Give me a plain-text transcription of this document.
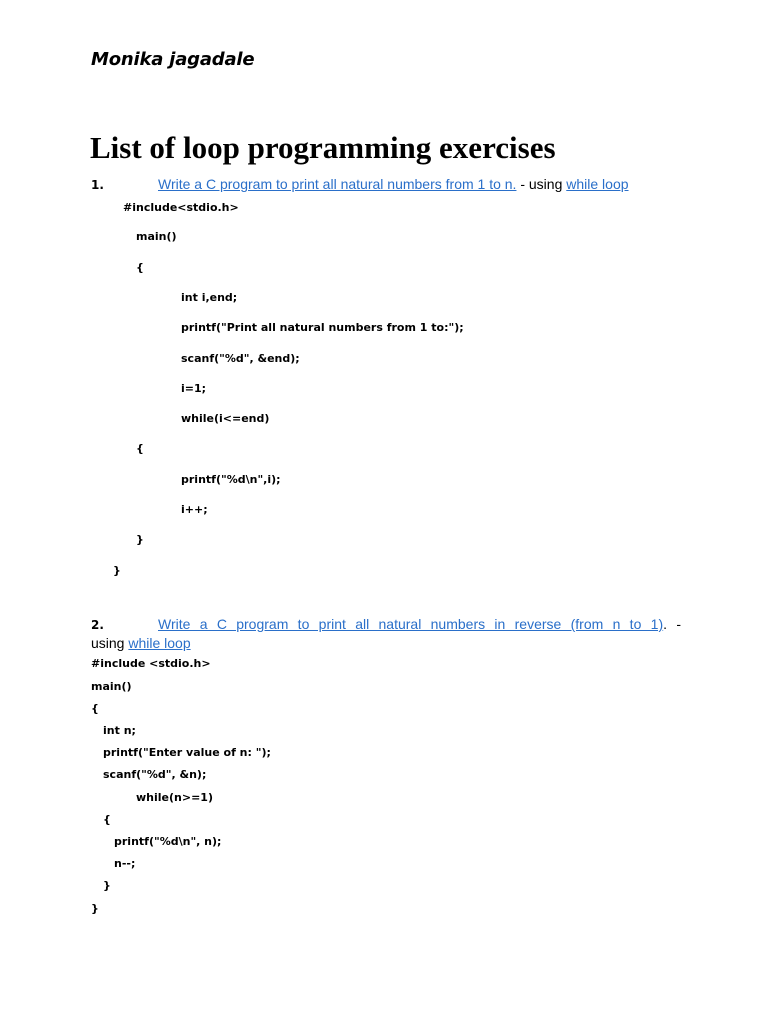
Monika jagadale
List of loop programming exercises
1.	Write a C program to print all natural numbers from 1 to n. - using while loop
#include<stdio.h>
main()
{
int i,end;
printf("Print all natural numbers from 1 to:");
scanf("%d", &end);
i=1;
while(i<=end)
{
printf("%d\n",i);
i++;
}
}
2.	Write a C program to print all natural numbers in reverse (from n to 1). -
using while loop
#include <stdio.h>
main()
{
int n;
printf("Enter value of n: ");
scanf("%d", &n);
while(n>=1)
{
printf("%d\n", n);
n--;
}
}
